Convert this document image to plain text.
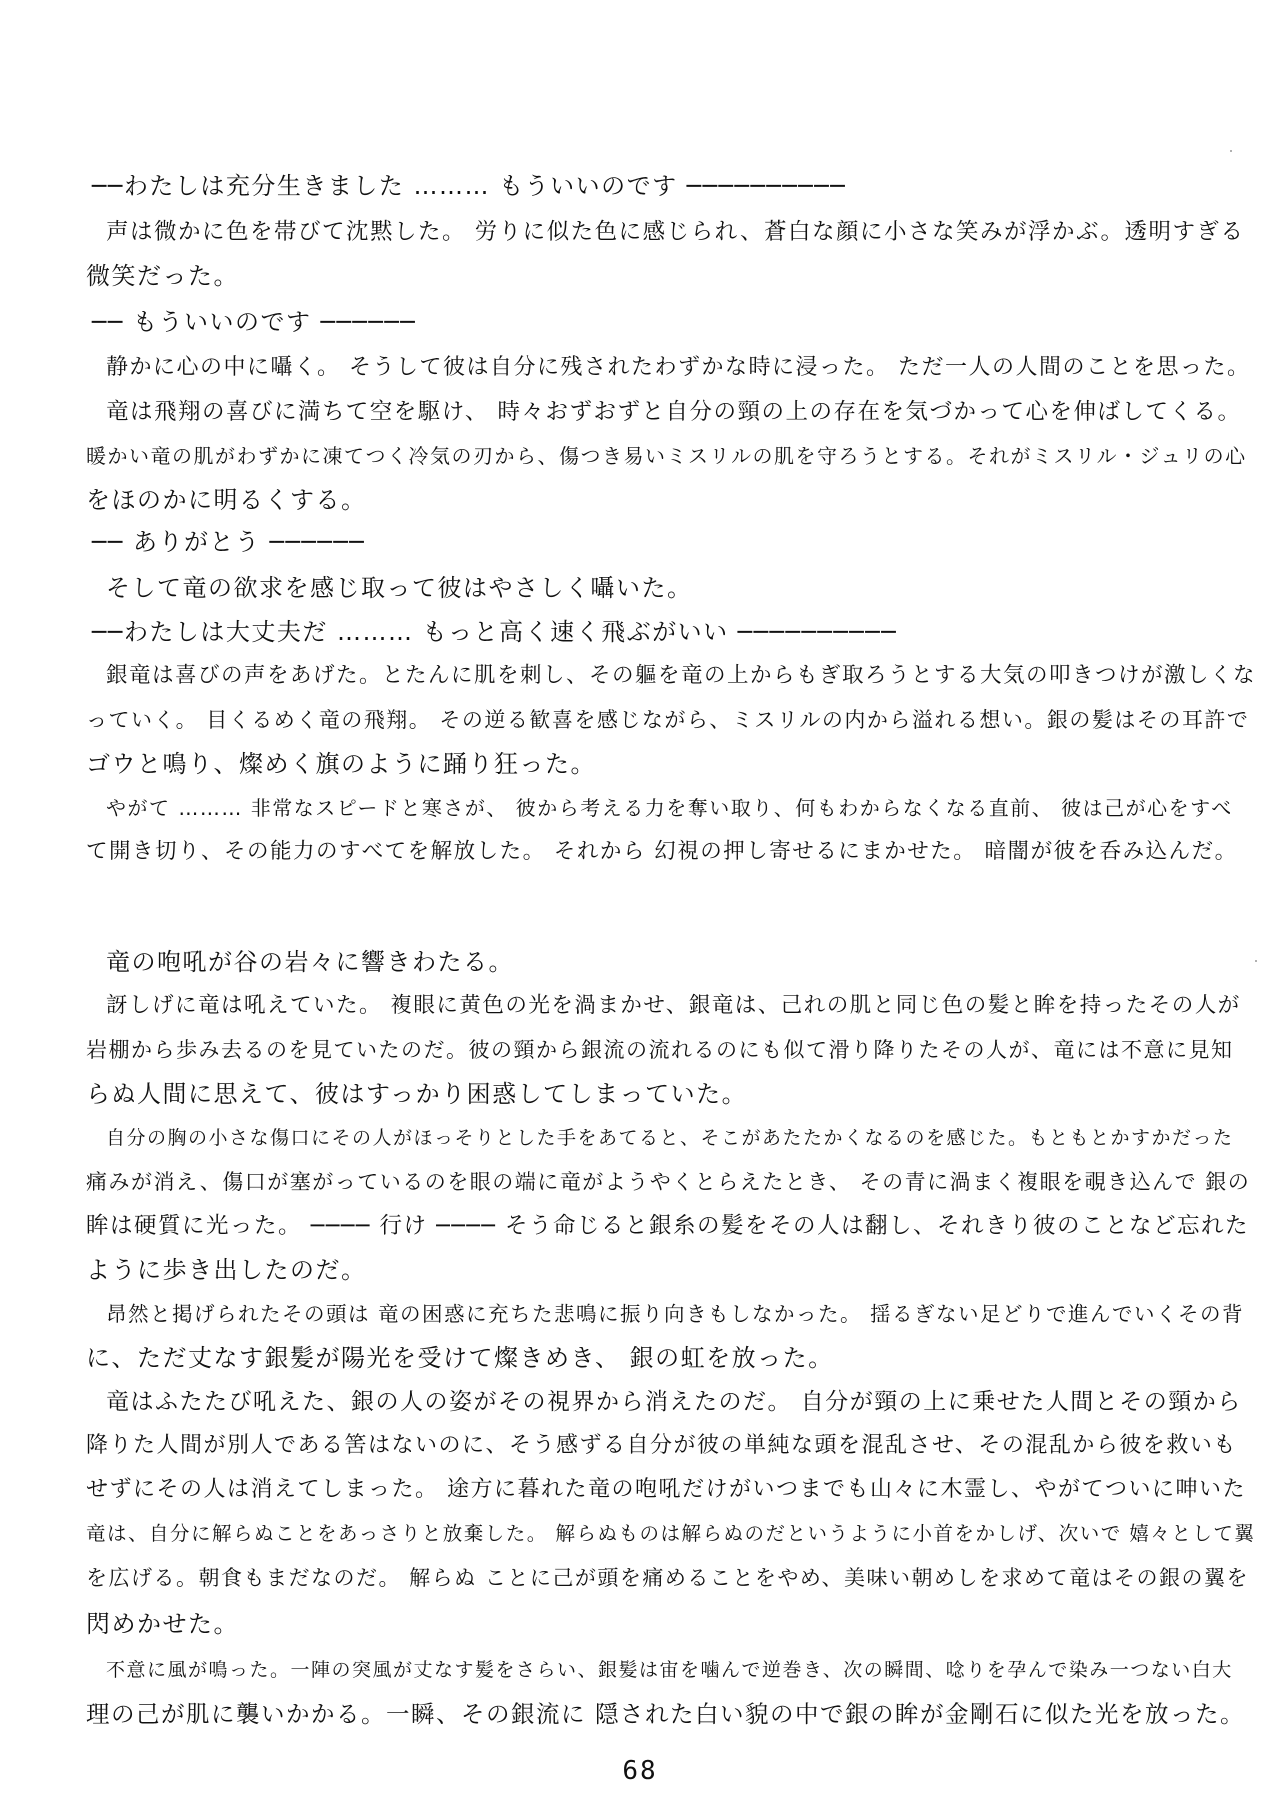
──わたしは充分生きました ……… もういいのです ──────────

声は微かに色を帯びて沈黙した。 労りに似た色に感じられ、蒼白な顔に小さな笑みが浮かぶ。透明すぎる

微笑だった。

── もういいのです ──────

静かに心の中に囁く。 そうして彼は自分に残されたわずかな時に浸った。 ただ一人の人間のことを思った。

竜は飛翔の喜びに満ちて空を駆け、 時々おずおずと自分の頸の上の存在を気づかって心を伸ばしてくる。

暖かい竜の肌がわずかに凍てつく冷気の刃から、傷つき易いミスリルの肌を守ろうとする。それがミスリル・ジュリの心

をほのかに明るくする。

── ありがとう ──────

そして竜の欲求を感じ取って彼はやさしく囁いた。

──わたしは大丈夫だ ……… もっと高く速く飛ぶがいい ──────────

銀竜は喜びの声をあげた。とたんに肌を刺し、その軀を竜の上からもぎ取ろうとする大気の叩きつけが激しくな

っていく。 目くるめく竜の飛翔。 その逆る歓喜を感じながら、ミスリルの内から溢れる想い。銀の髪はその耳許で

ゴウと鳴り、燦めく旗のように踊り狂った。

やがて ……… 非常なスピードと寒さが、 彼から考える力を奪い取り、何もわからなくなる直前、 彼は己が心をすべ

て開き切り、その能力のすべてを解放した。 それから 幻視の押し寄せるにまかせた。 暗闇が彼を呑み込んだ。

竜の咆吼が谷の岩々に響きわたる。

訝しげに竜は吼えていた。 複眼に黄色の光を渦まかせ、銀竜は、己れの肌と同じ色の髪と眸を持ったその人が

岩棚から歩み去るのを見ていたのだ。彼の頸から銀流の流れるのにも似て滑り降りたその人が、竜には不意に見知

らぬ人間に思えて、彼はすっかり困惑してしまっていた。

自分の胸の小さな傷口にその人がほっそりとした手をあてると、そこがあたたかくなるのを感じた。もともとかすかだった

痛みが消え、傷口が塞がっているのを眼の端に竜がようやくとらえたとき、 その青に渦まく複眼を覗き込んで 銀の

眸は硬質に光った。 ──── 行け ──── そう命じると銀糸の髪をその人は翻し、それきり彼のことなど忘れた

ように歩き出したのだ。

昂然と掲げられたその頭は 竜の困惑に充ちた悲鳴に振り向きもしなかった。 揺るぎない足どりで進んでいくその背

に、ただ丈なす銀髪が陽光を受けて燦きめき、 銀の虹を放った。

竜はふたたび吼えた、銀の人の姿がその視界から消えたのだ。 自分が頸の上に乗せた人間とその頸から

降りた人間が別人である筈はないのに、そう感ずる自分が彼の単純な頭を混乱させ、その混乱から彼を救いも

せずにその人は消えてしまった。 途方に暮れた竜の咆吼だけがいつまでも山々に木霊し、やがてついに呻いた

竜は、自分に解らぬことをあっさりと放棄した。 解らぬものは解らぬのだというように小首をかしげ、次いで 嬉々として翼

を広げる。朝食もまだなのだ。 解らぬ ことに己が頭を痛めることをやめ、美味い朝めしを求めて竜はその銀の翼を

閃めかせた。

不意に風が鳴った。一陣の突風が丈なす髪をさらい、銀髪は宙を噛んで逆巻き、次の瞬間、唸りを孕んで染み一つない白大

理の己が肌に襲いかかる。一瞬、その銀流に 隠された白い貌の中で銀の眸が金剛石に似た光を放った。

68
